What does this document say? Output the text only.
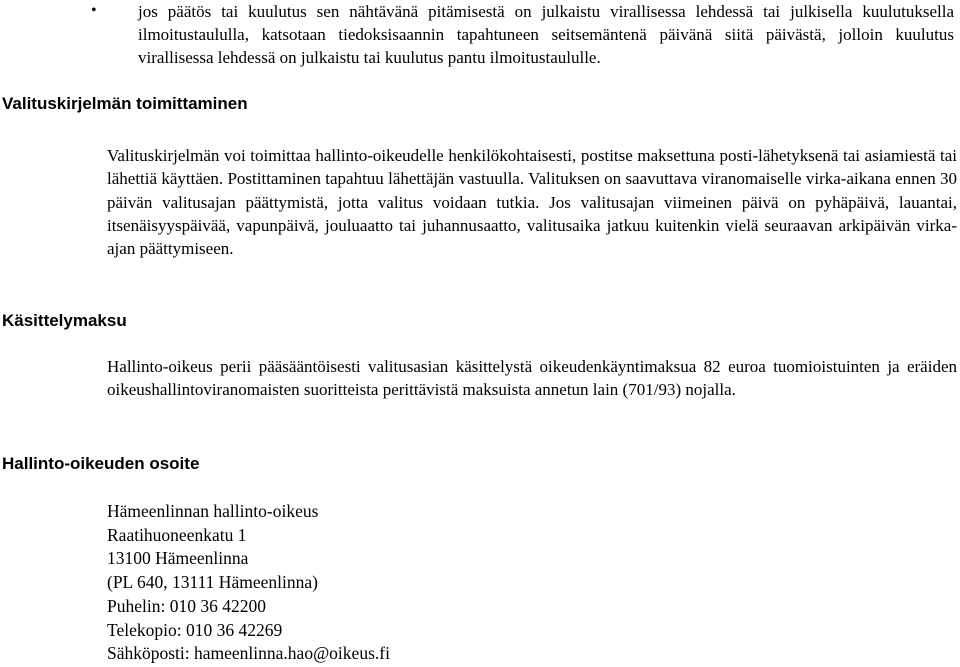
•	jos päätös tai kuulutus sen nähtävänä pitämisestä on julkaistu virallisessa lehdessä tai julkisella kuulutuksella ilmoitustaululla, katsotaan tiedoksisaannin tapahtuneen seitsemäntenä päivänä siitä päivästä, jolloin kuulutus virallisessa lehdessä on julkaistu tai kuulutus pantu ilmoitustaululle.

Valituskirjelmän toimittaminen

Valituskirjelmän voi toimittaa hallinto-oikeudelle henkilökohtaisesti, postitse maksettuna posti-lähetyksenä tai asiamiestä tai lähettiä käyttäen. Postittaminen tapahtuu lähettäjän vastuulla. Valituksen on saavuttava viranomaiselle virka-aikana ennen 30 päivän valitusajan päättymistä, jotta valitus voidaan tutkia. Jos valitusajan viimeinen päivä on pyhäpäivä, lauantai, itsenäisyyspäivää, vapunpäivä, jouluaatto tai juhannusaatto, valitusaika jatkuu kuitenkin vielä seuraavan arkipäivän virka-ajan päättymiseen.

Käsittelymaksu

Hallinto-oikeus perii pääsääntöisesti valitusasian käsittelystä oikeudenkäyntimaksua 82 euroa tuomioistuinten ja eräiden oikeushallintoviranomaisten suoritteista perittävistä maksuista annetun lain (701/93) nojalla.

Hallinto-oikeuden osoite
Hämeenlinnan hallinto-oikeus
Raatihuoneenkatu 1
13100 Hämeenlinna
(PL 640, 13111 Hämeenlinna)
Puhelin: 010 36 42200
Telekopio: 010 36 42269
Sähköposti: hameenlinna.hao@oikeus.fi
